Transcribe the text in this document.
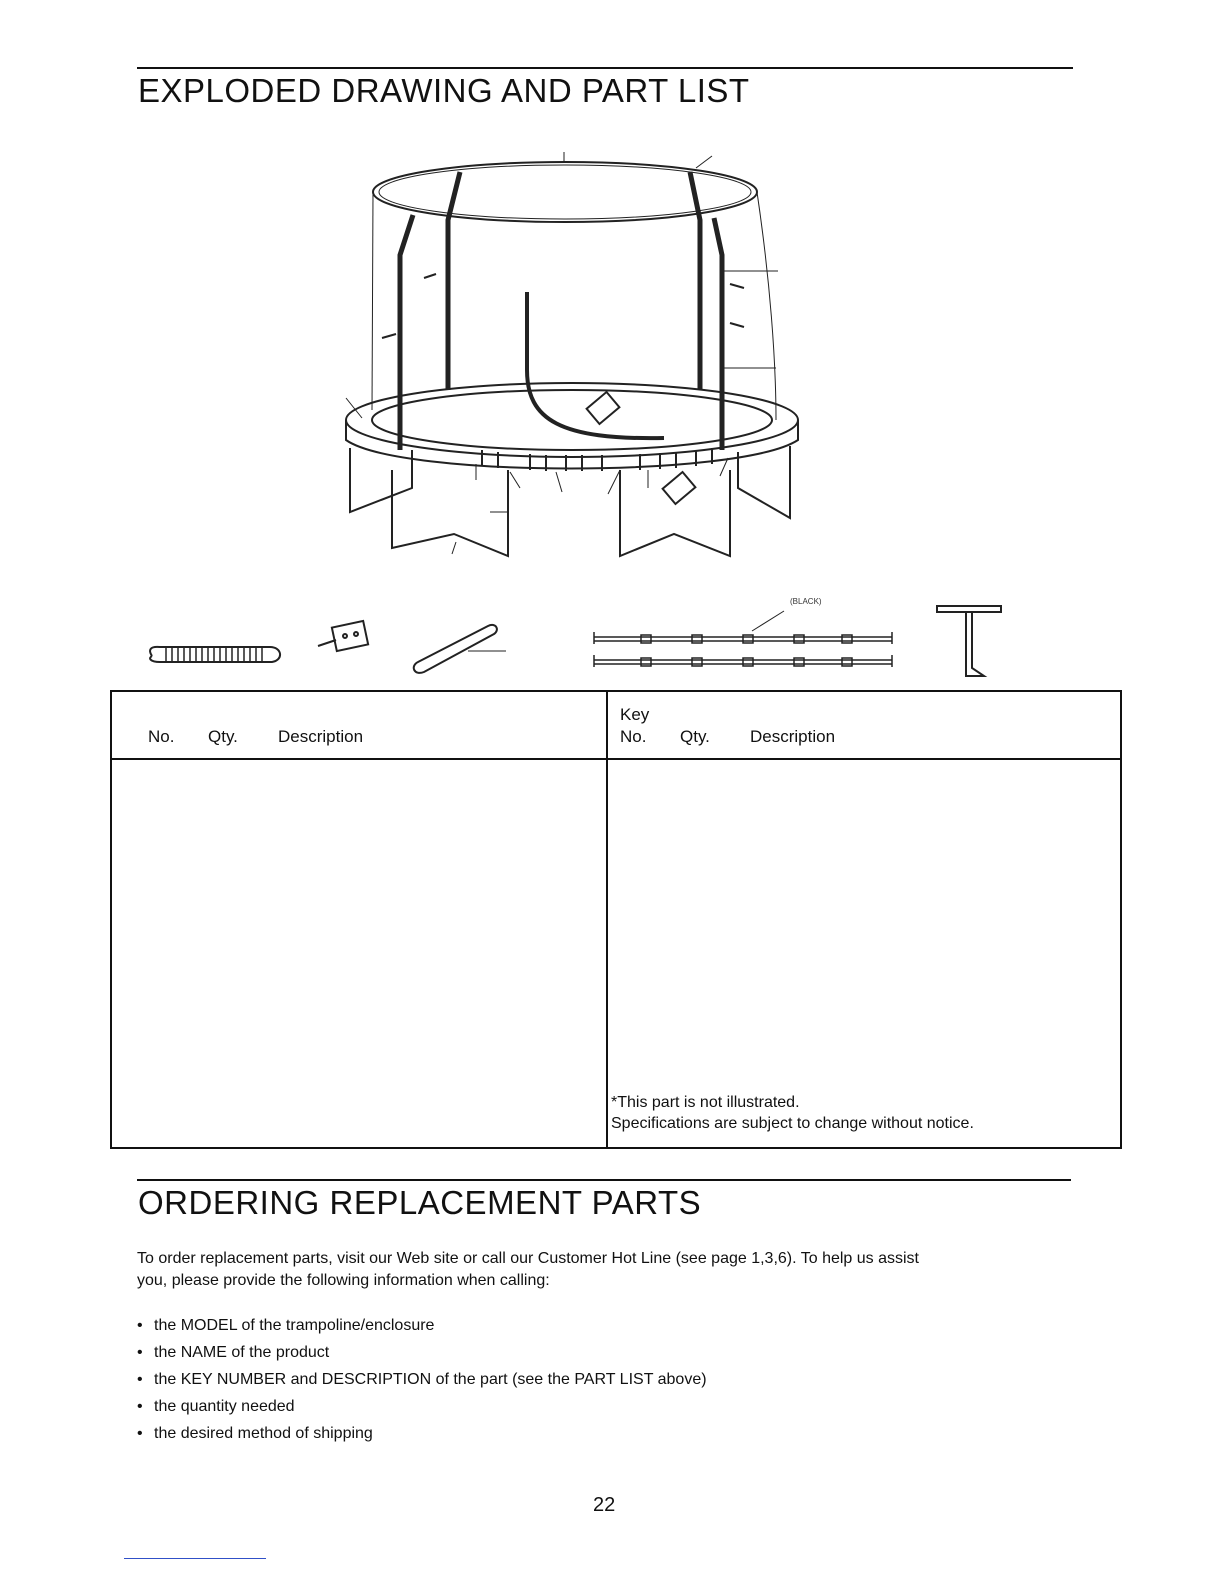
EXPLODED DRAWING AND PART LIST
(BLACK)
No. Qty. Description
Key
No. Qty. Description
*This part is not illustrated.
Specifications are subject to change without notice.
ORDERING REPLACEMENT PARTS
To order replacement parts, visit our Web site or call our Customer Hot Line (see page 1,3,6). To help us assist
you, please provide the following information when calling:
• the MODEL of the trampoline/enclosure
• the NAME of the product
• the KEY NUMBER and DESCRIPTION of the part (see the PART LIST above)
• the quantity needed
• the desired method of shipping
22
